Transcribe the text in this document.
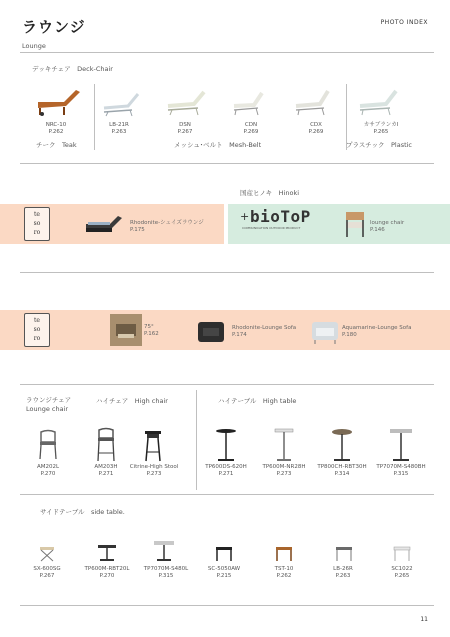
ラウンジ
Lounge
PHOTO INDEX
デッキチェア　Deck-Chair
NRC-10
P.262
LB-21R
P.263
DSN
P.267
CDN
P.269
CDX
P.269
カサブランカⅠ
P.265
チーク　Teak	メッシュ･ベルト　Mesh-Belt	プラスチック　Plastic
国産ヒノキ　Hinoki
te
so
ro
Rhodonite-シェイズラウンジ
P.175
+ bioToP
COMMUNICATION OUTDOOR PRODUCT
lounge chair
P.146
te
so
ro
75°
P.162
Rhodonite-Lounge Sofa
P.174
Aquamarine-Lounge Sofa
P.180
ラウンジチェア
Lounge chair
ハイチェア　High chair	ハイテーブル　High table
AM202L
P.270
AM203H
P.271
Citrine-High Stool
P.273
TP600DS-620H
P.271
TP600M-NR28H
P.273
TP800CH-RBT30H
P.314
TP7070M-S480BH
P.315
サイドテーブル　side table.
SX-600SG
P.267
TP600M-RBT20L
P.270
TP7070M-S480L
P.315
SC-5050AW
P.215
TST-10
P.262
LB-26R
P.263
SC1022
P.265
11
